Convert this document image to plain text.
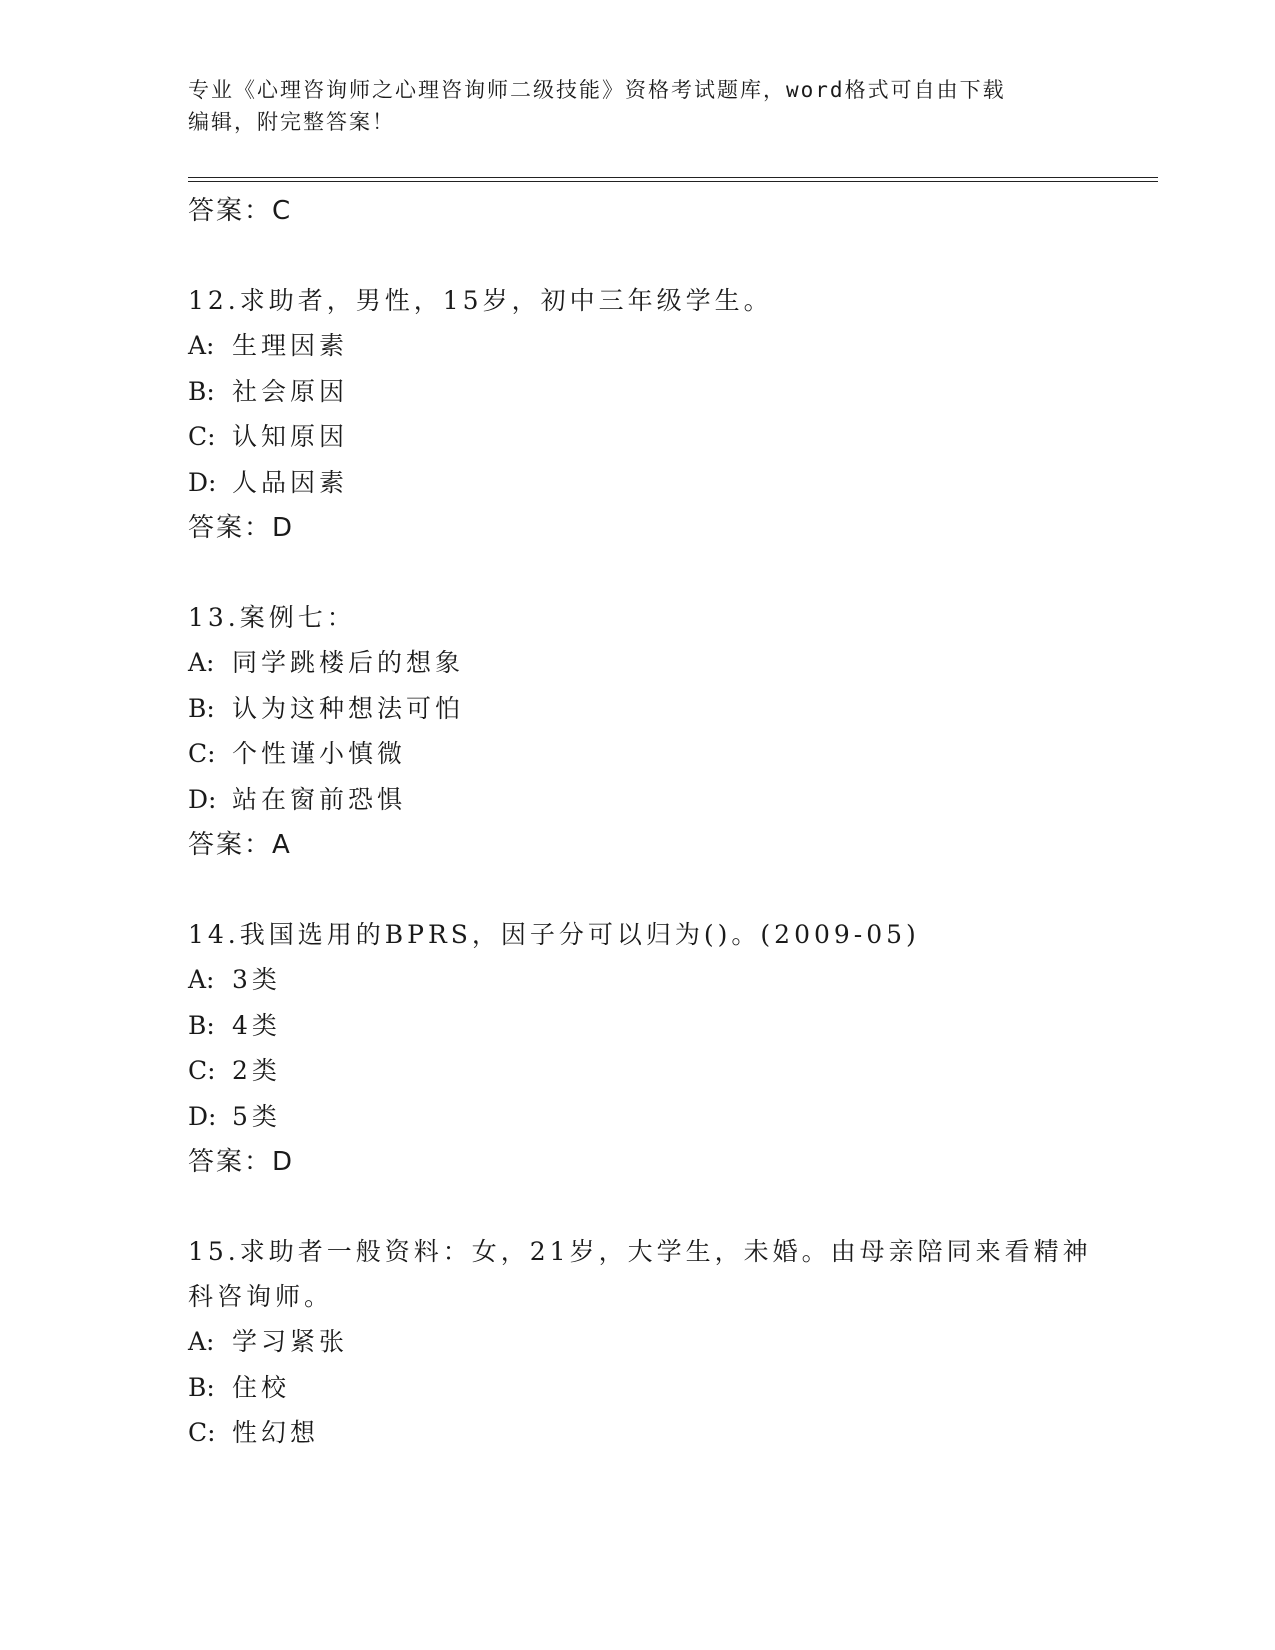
专业《心理咨询师之心理咨询师二级技能》资格考试题库，word格式可自由下载
编辑，附完整答案！
答案：C
12.求助者，男性，15岁，初中三年级学生。
A: 生理因素
B: 社会原因
C: 认知原因
D: 人品因素
答案：D
13.案例七：
A: 同学跳楼后的想象
B: 认为这种想法可怕
C: 个性谨小慎微
D: 站在窗前恐惧
答案：A
14.我国选用的BPRS，因子分可以归为()。(2009-05)
A: 3类
B: 4类
C: 2类
D: 5类
答案：D
15.求助者一般资料：女，21岁，大学生，未婚。由母亲陪同来看精神
科咨询师。
A: 学习紧张
B: 住校
C: 性幻想
